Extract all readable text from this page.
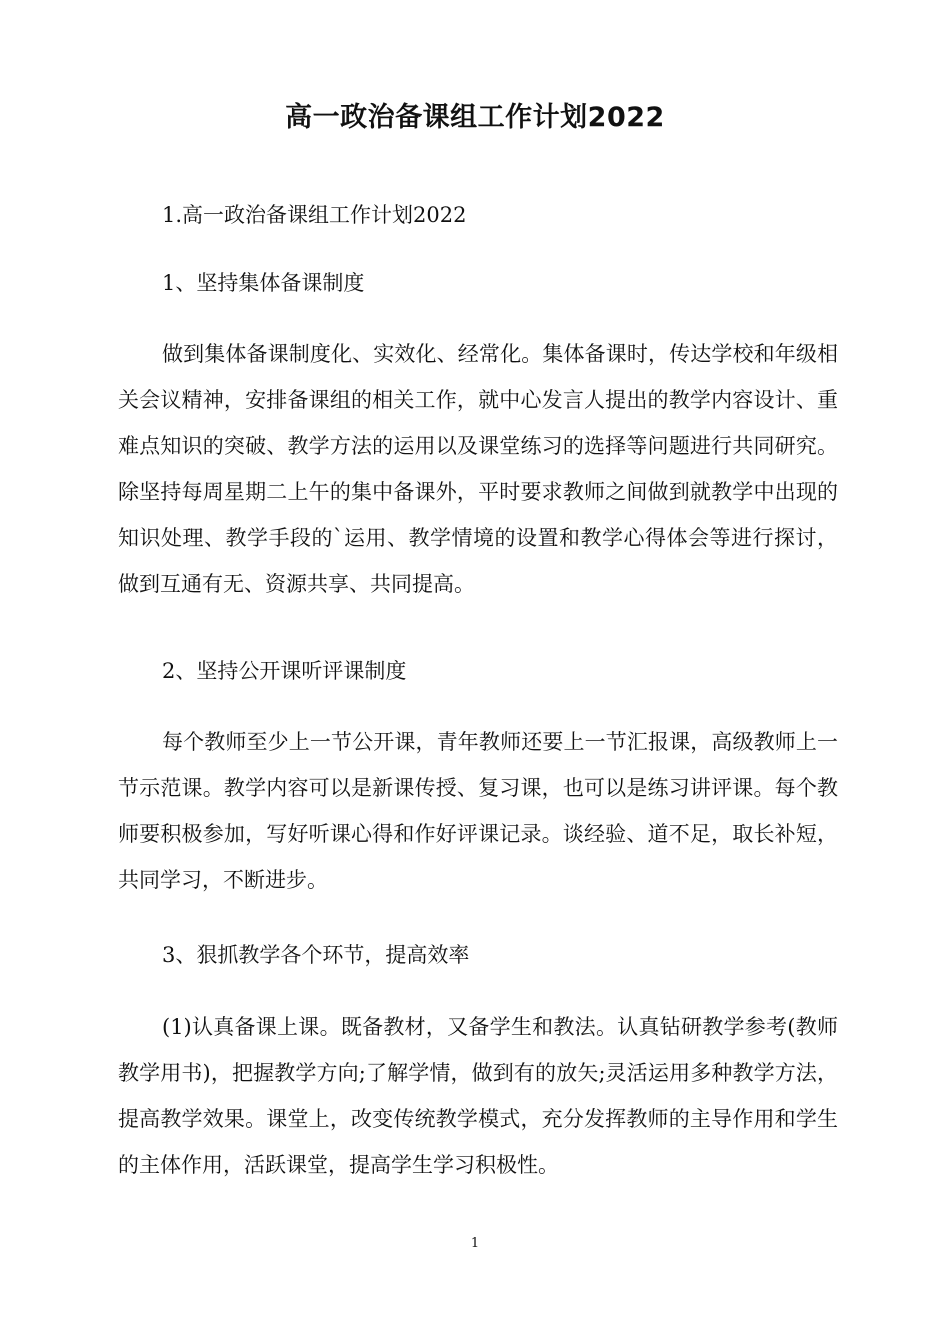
高一政治备课组工作计划2022

1.高一政治备课组工作计划2022

1、坚持集体备课制度

做到集体备课制度化、实效化、经常化。集体备课时，传达学校和年级相关会议精神，安排备课组的相关工作，就中心发言人提出的教学内容设计、重难点知识的突破、教学方法的运用以及课堂练习的选择等问题进行共同研究。除坚持每周星期二上午的集中备课外，平时要求教师之间做到就教学中出现的知识处理、教学手段的`运用、教学情境的设置和教学心得体会等进行探讨，做到互通有无、资源共享、共同提高。

2、坚持公开课听评课制度

每个教师至少上一节公开课，青年教师还要上一节汇报课，高级教师上一节示范课。教学内容可以是新课传授、复习课，也可以是练习讲评课。每个教师要积极参加，写好听课心得和作好评课记录。谈经验、道不足，取长补短，共同学习，不断进步。

3、狠抓教学各个环节，提高效率

(1)认真备课上课。既备教材，又备学生和教法。认真钻研教学参考(教师教学用书)，把握教学方向;了解学情，做到有的放矢;灵活运用多种教学方法，提高教学效果。课堂上，改变传统教学模式，充分发挥教师的主导作用和学生的主体作用，活跃课堂，提高学生学习积极性。

1
